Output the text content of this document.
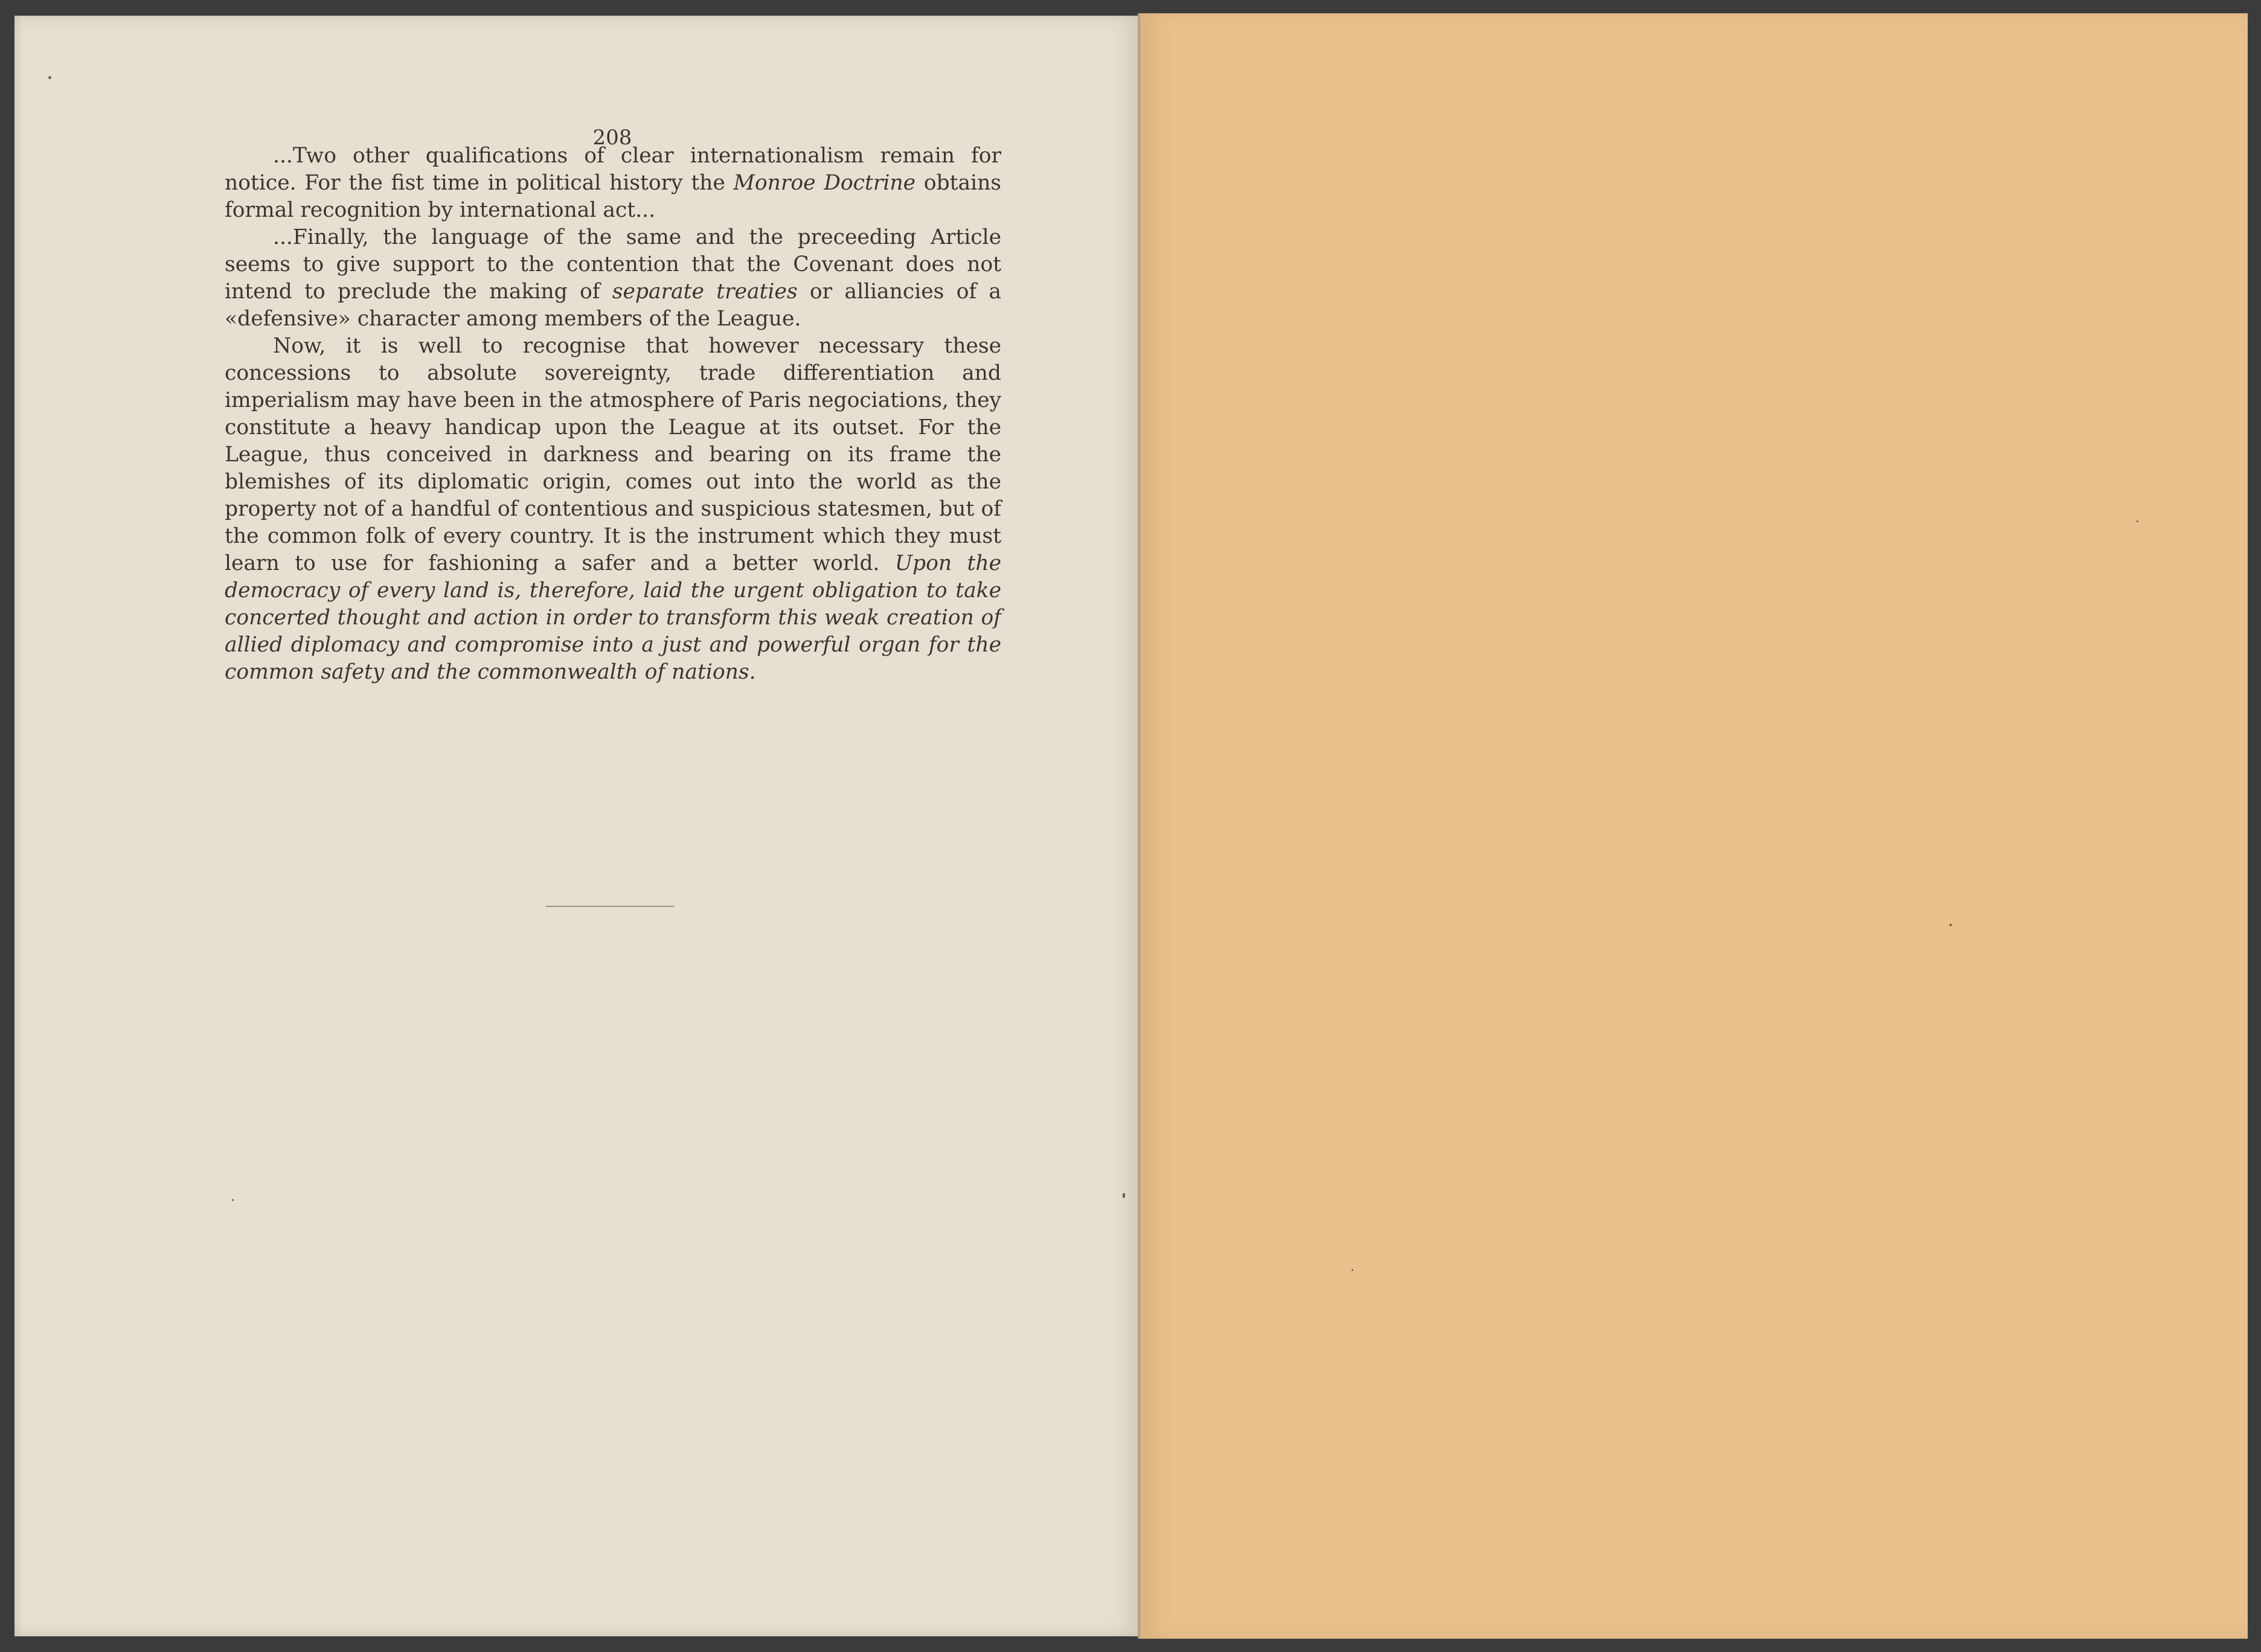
208

...Two other qualifications of clear internationalism remain for notice. For the fist time in political history the Monroe Doctrine obtains formal recognition by international act...

...Finally, the language of the same and the preceeding Article seems to give support to the contention that the Covenant does not intend to preclude the making of separate treaties or alliancies of a «defensive» character among members of the League.

Now, it is well to recognise that however necessary these concessions to absolute sovereignty, trade differentiation and imperialism may have been in the atmosphere of Paris negociations, they constitute a heavy handicap upon the League at its outset. For the League, thus conceived in darkness and bearing on its frame the blemishes of its diplomatic origin, comes out into the world as the property not of a handful of contentious and suspicious statesmen, but of the common folk of every country. It is the instrument which they must learn to use for fashioning a safer and a better world. Upon the democracy of every land is, therefore, laid the urgent obligation to take concerted thought and action in order to transform this weak creation of allied diplomacy and compromise into a just and powerful organ for the common safety and the commonwealth of nations.
